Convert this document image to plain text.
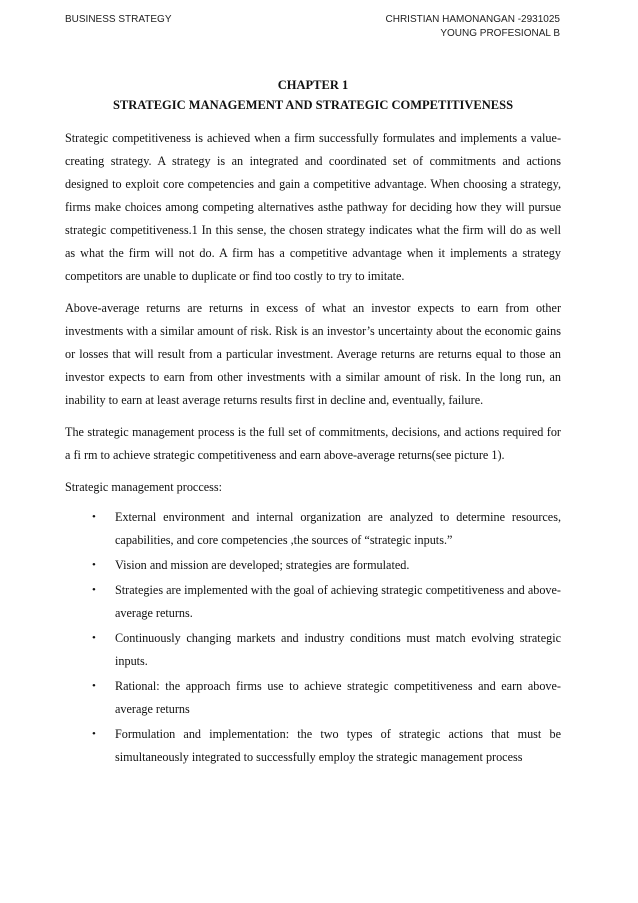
BUSINESS STRATEGY	CHRISTIAN HAMONANGAN -2931025
YOUNG PROFESIONAL B

CHAPTER 1

STRATEGIC MANAGEMENT AND STRATEGIC COMPETITIVENESS

Strategic competitiveness is achieved when a firm successfully formulates and implements a value-creating strategy. A strategy is an integrated and coordinated set of commitments and actions designed to exploit core competencies and gain a competitive advantage. When choosing a strategy, firms make choices among competing alternatives asthe pathway for deciding how they will pursue strategic competitiveness.1 In this sense, the chosen strategy indicates what the firm will do as well as what the firm will not do. A firm has a competitive advantage when it implements a strategy competitors are unable to duplicate or find too costly to try to imitate.

Above-average returns are returns in excess of what an investor expects to earn from other investments with a similar amount of risk. Risk is an investor’s uncertainty about the economic gains or losses that will result from a particular investment. Average returns are returns equal to those an investor expects to earn from other investments with a similar amount of risk. In the long run, an inability to earn at least average returns results first in decline and, eventually, failure.

The strategic management process is the full set of commitments, decisions, and actions required for a fi rm to achieve strategic competitiveness and earn above-average returns(see picture 1).

Strategic management proccess:

• External environment and internal organization are analyzed to determine resources, capabilities, and core competencies ,the sources of “strategic inputs.”
• Vision and mission are developed; strategies are formulated.
• Strategies are implemented with the goal of achieving strategic competitiveness and above-average returns.
• Continuously changing markets and industry conditions must match evolving strategic inputs.
• Rational: the approach firms use to achieve strategic competitiveness and earn above-average returns
• Formulation and implementation: the two types of strategic actions that must be simultaneously integrated to successfully employ the strategic management process
